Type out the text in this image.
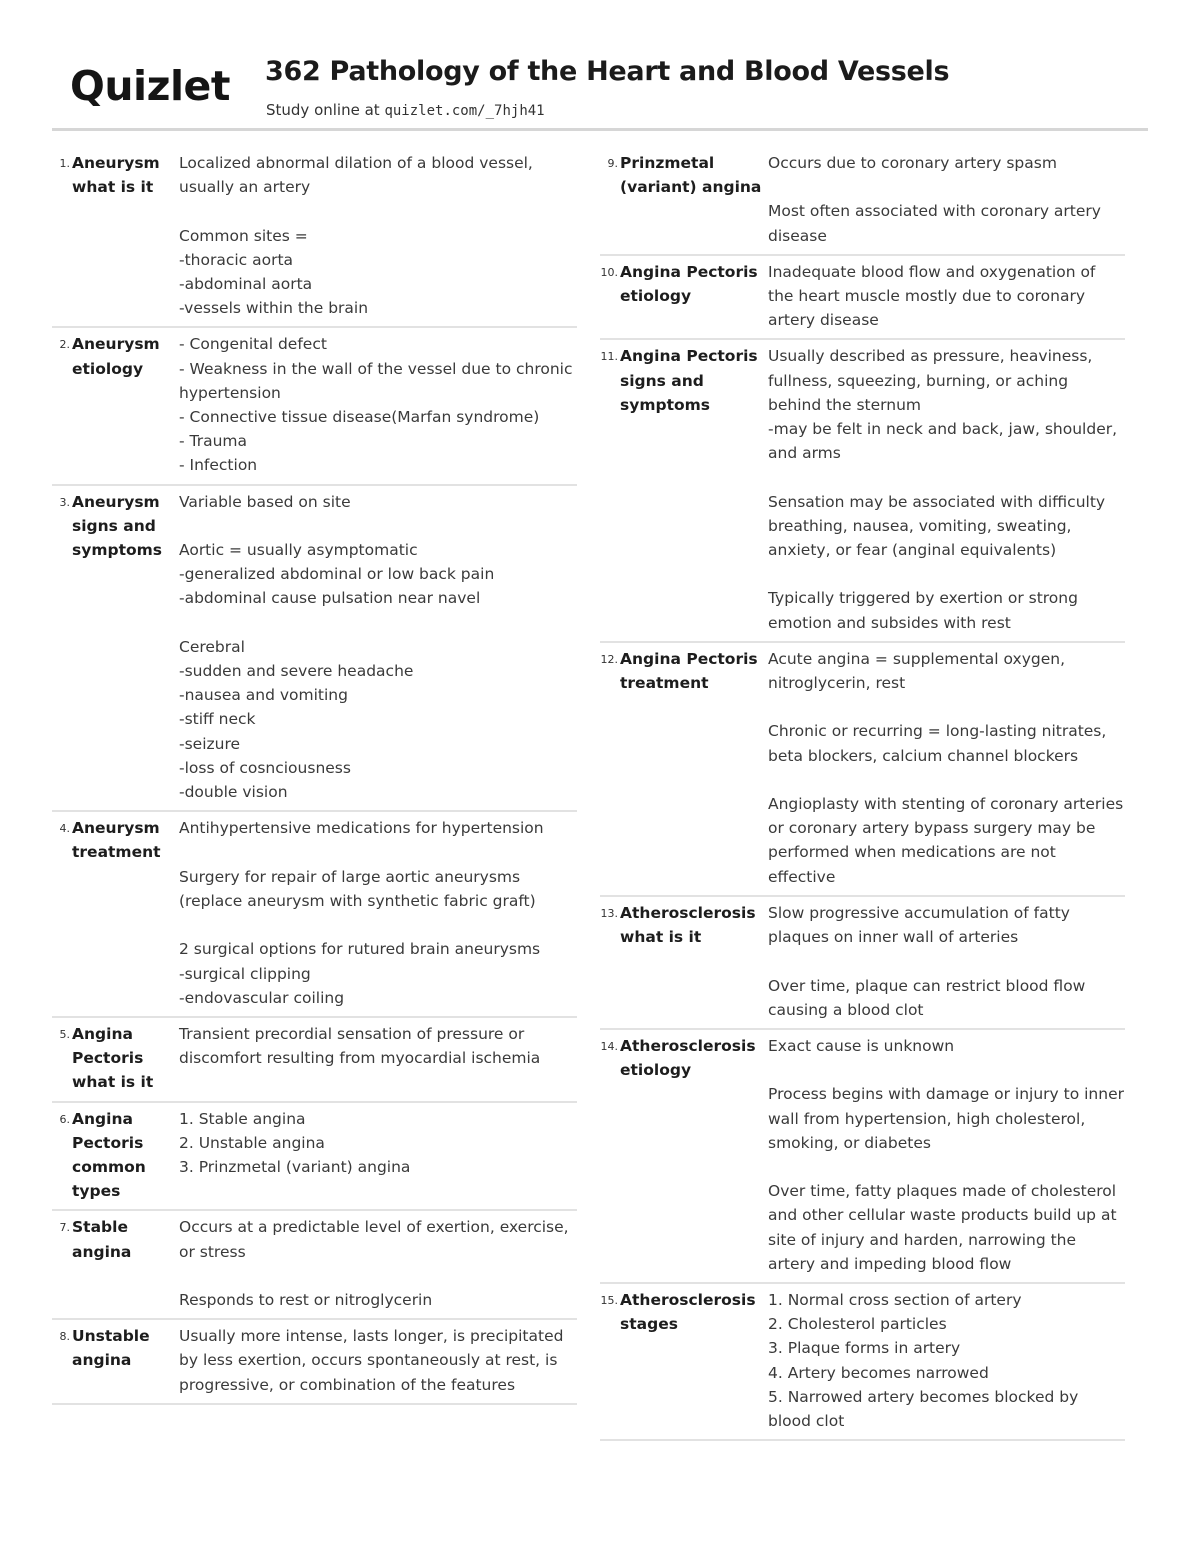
Quizlet 362 Pathology of the Heart and Blood Vessels
Study online at quizlet.com/_7hjh41
1. Aneurysm what is it
Localized abnormal dilation of a blood vessel, usually an artery

Common sites =
-thoracic aorta
-abdominal aorta
-vessels within the brain
2. Aneurysm etiology
- Congenital defect
- Weakness in the wall of the vessel due to chronic hypertension
- Connective tissue disease(Marfan syndrome)
- Trauma
- Infection
3. Aneurysm signs and symptoms
Variable based on site

Aortic = usually asymptomatic
-generalized abdominal or low back pain
-abdominal cause pulsation near navel

Cerebral
-sudden and severe headache
-nausea and vomiting
-stiff neck
-seizure
-loss of cosnciousness
-double vision
4. Aneurysm treatment
Antihypertensive medications for hypertension

Surgery for repair of large aortic aneurysms (replace aneurysm with synthetic fabric graft)

2 surgical options for rutured brain aneurysms
-surgical clipping
-endovascular coiling
5. Angina Pectoris what is it
Transient precordial sensation of pressure or discomfort resulting from myocardial ischemia
6. Angina Pectoris common types
1. Stable angina
2. Unstable angina
3. Prinzmetal (variant) angina
7. Stable angina
Occurs at a predictable level of exertion, exercise, or stress

Responds to rest or nitroglycerin
8. Unstable angina
Usually more intense, lasts longer, is precipitated by less exertion, occurs spontaneously at rest, is progressive, or combination of the features
9. Prinzmetal (variant) angina
Occurs due to coronary artery spasm

Most often associated with coronary artery disease
10. Angina Pectoris etiology
Inadequate blood flow and oxygenation of the heart muscle mostly due to coronary artery disease
11. Angina Pectoris signs and symptoms
Usually described as pressure, heaviness, fullness, squeezing, burning, or aching behind the sternum
-may be felt in neck and back, jaw, shoulder, and arms

Sensation may be associated with difficulty breathing, nausea, vomiting, sweating, anxiety, or fear (anginal equivalents)

Typically triggered by exertion or strong emotion and subsides with rest
12. Angina Pectoris treatment
Acute angina = supplemental oxygen, nitroglycerin, rest

Chronic or recurring = long-lasting nitrates, beta blockers, calcium channel blockers

Angioplasty with stenting of coronary arteries or coronary artery bypass surgery may be performed when medications are not effective
13. Atherosclerosis what is it
Slow progressive accumulation of fatty plaques on inner wall of arteries

Over time, plaque can restrict blood flow causing a blood clot
14. Atherosclerosis etiology
Exact cause is unknown

Process begins with damage or injury to inner wall from hypertension, high cholesterol, smoking, or diabetes

Over time, fatty plaques made of cholesterol and other cellular waste products build up at site of injury and harden, narrowing the artery and impeding blood flow
15. Atherosclerosis stages
1. Normal cross section of artery
2. Cholesterol particles
3. Plaque forms in artery
4. Artery becomes narrowed
5. Narrowed artery becomes blocked by blood clot
